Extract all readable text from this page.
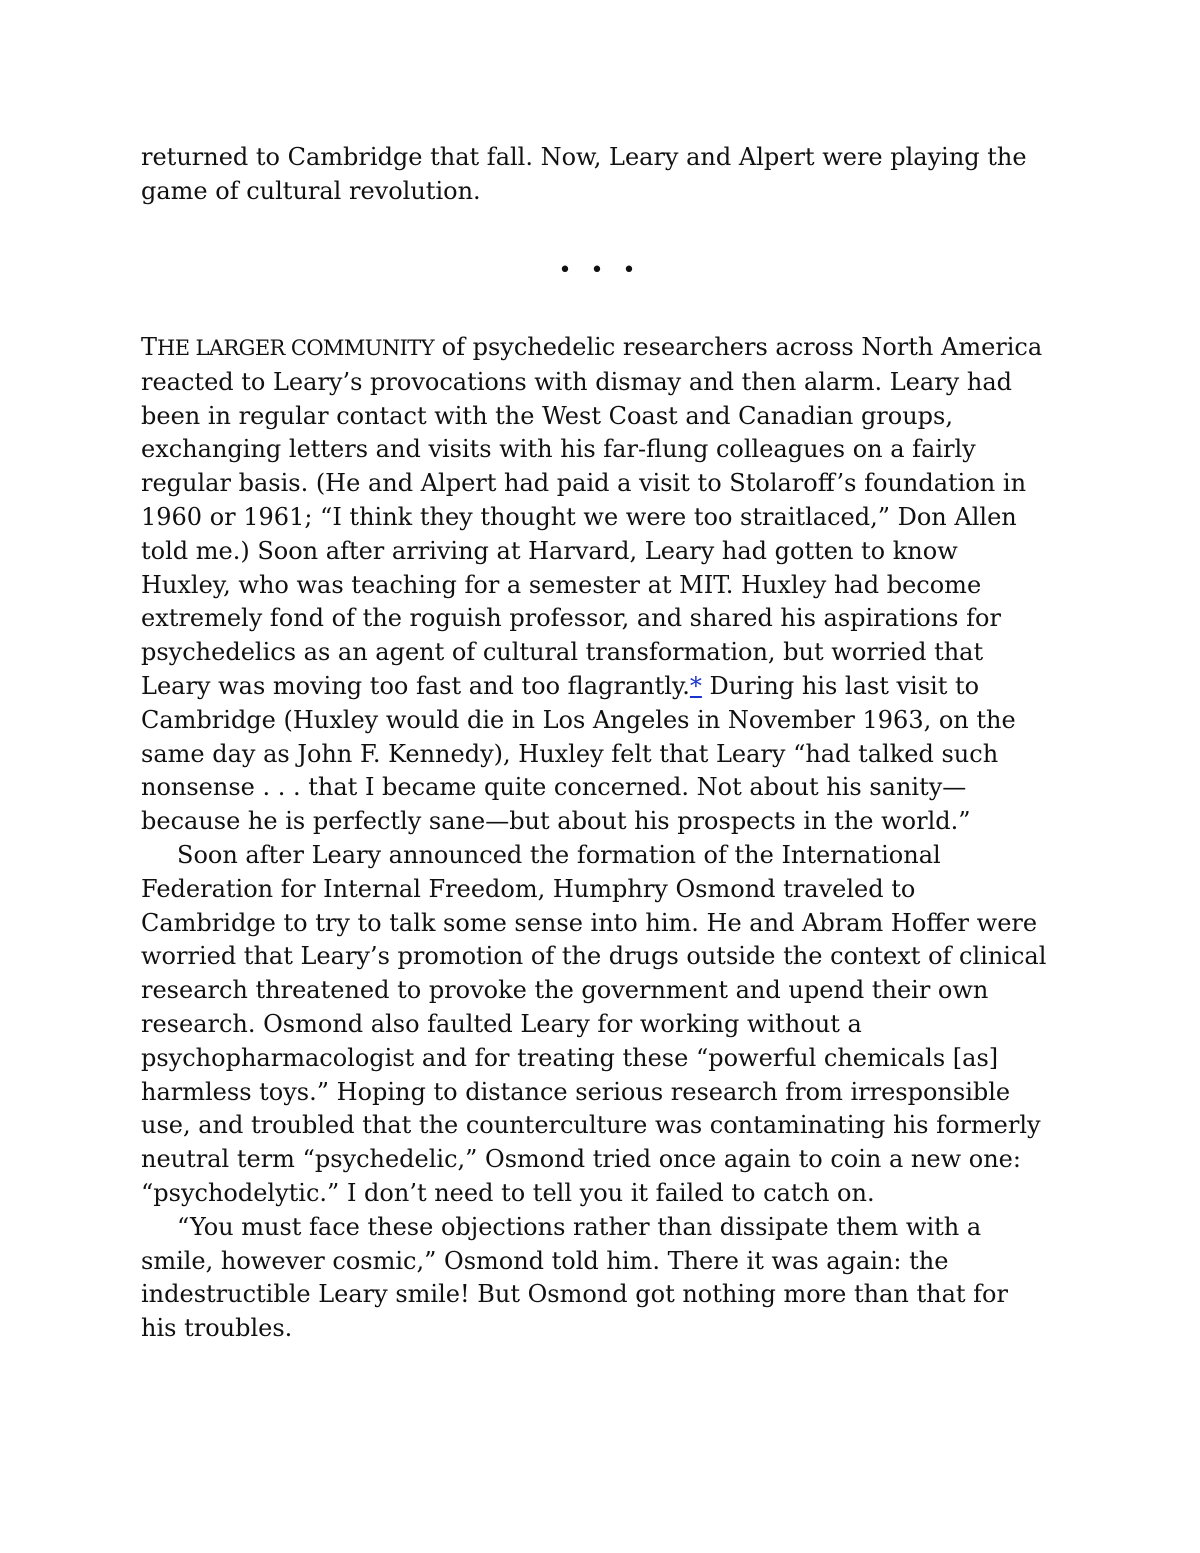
returned to Cambridge that fall. Now, Leary and Alpert were playing the
game of cultural revolution.
• • •
THE LARGER COMMUNITY of psychedelic researchers across North America
reacted to Leary’s provocations with dismay and then alarm. Leary had
been in regular contact with the West Coast and Canadian groups,
exchanging letters and visits with his far-flung colleagues on a fairly
regular basis. (He and Alpert had paid a visit to Stolaroff’s foundation in
1960 or 1961; “I think they thought we were too straitlaced,” Don Allen
told me.) Soon after arriving at Harvard, Leary had gotten to know
Huxley, who was teaching for a semester at MIT. Huxley had become
extremely fond of the roguish professor, and shared his aspirations for
psychedelics as an agent of cultural transformation, but worried that
Leary was moving too fast and too flagrantly.* During his last visit to
Cambridge (Huxley would die in Los Angeles in November 1963, on the
same day as John F. Kennedy), Huxley felt that Leary “had talked such
nonsense . . . that I became quite concerned. Not about his sanity—
because he is perfectly sane—but about his prospects in the world.”
Soon after Leary announced the formation of the International
Federation for Internal Freedom, Humphry Osmond traveled to
Cambridge to try to talk some sense into him. He and Abram Hoffer were
worried that Leary’s promotion of the drugs outside the context of clinical
research threatened to provoke the government and upend their own
research. Osmond also faulted Leary for working without a
psychopharmacologist and for treating these “powerful chemicals [as]
harmless toys.” Hoping to distance serious research from irresponsible
use, and troubled that the counterculture was contaminating his formerly
neutral term “psychedelic,” Osmond tried once again to coin a new one:
“psychodelytic.” I don’t need to tell you it failed to catch on.
“You must face these objections rather than dissipate them with a
smile, however cosmic,” Osmond told him. There it was again: the
indestructible Leary smile! But Osmond got nothing more than that for
his troubles.
